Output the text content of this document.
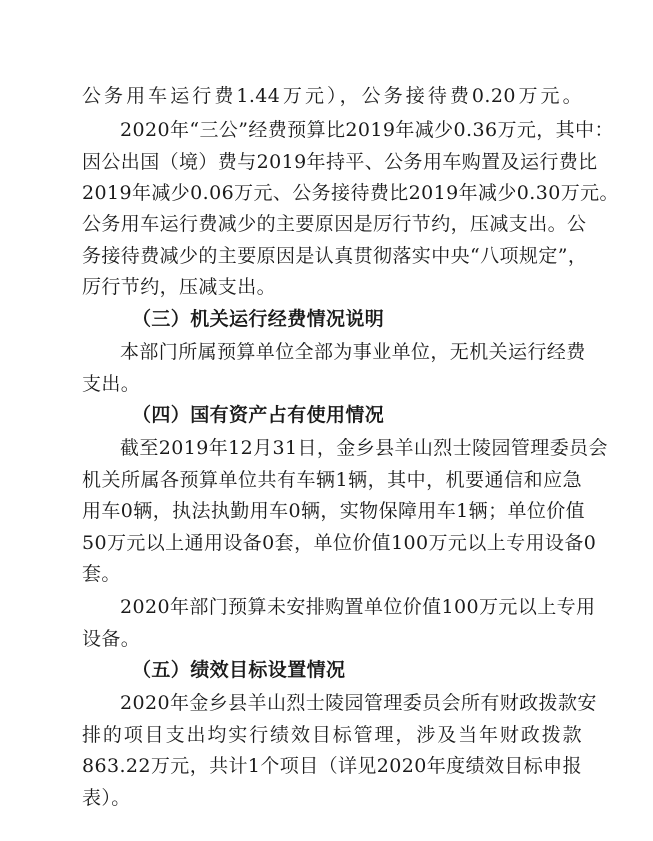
公务用车运行费1.44万元），公务接待费0.20万元。
2020年“三公”经费预算比2019年减少0.36万元，其中：
因公出国（境）费与2019年持平、公务用车购置及运行费比
2019年减少0.06万元、公务接待费比2019年减少0.30万元。
公务用车运行费减少的主要原因是厉行节约，压减支出。公
务接待费减少的主要原因是认真贯彻落实中央“八项规定”，
厉行节约，压减支出。
（三）机关运行经费情况说明
本部门所属预算单位全部为事业单位，无机关运行经费
支出。
（四）国有资产占有使用情况
截至2019年12月31日，金乡县羊山烈士陵园管理委员会
机关所属各预算单位共有车辆1辆，其中，机要通信和应急
用车0辆，执法执勤用车0辆，实物保障用车1辆；单位价值
50万元以上通用设备0套，单位价值100万元以上专用设备0
套。
2020年部门预算未安排购置单位价值100万元以上专用
设备。
（五）绩效目标设置情况
2020年金乡县羊山烈士陵园管理委员会所有财政拨款安
排的项目支出均实行绩效目标管理，涉及当年财政拨款
863.22万元，共计1个项目（详见2020年度绩效目标申报
表）。
